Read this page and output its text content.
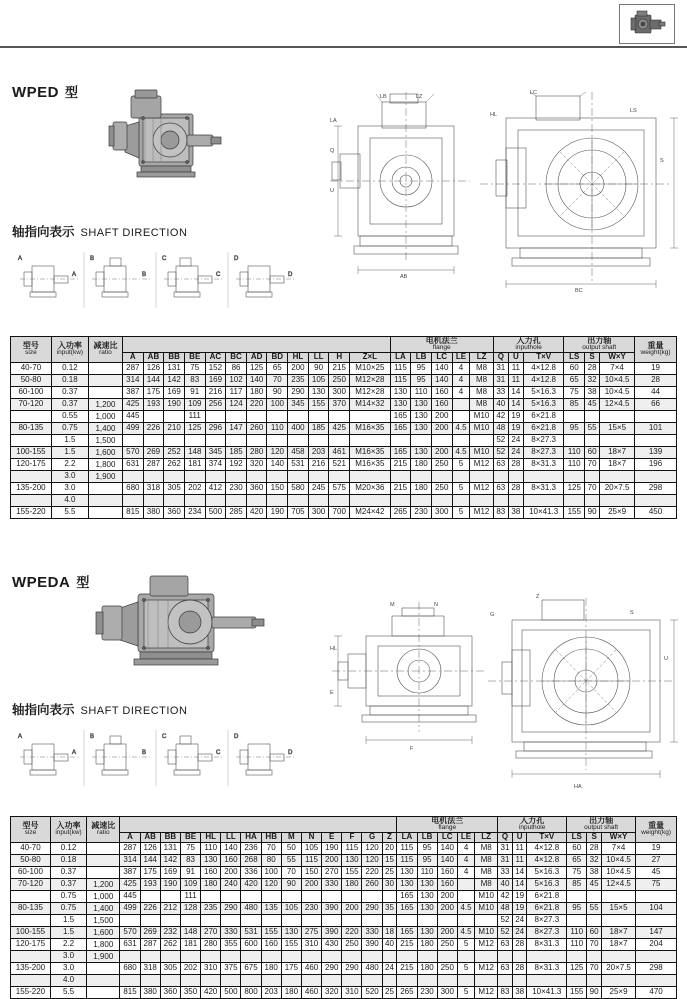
WPED 型	LB	LZ
Q
U
AB
LA
LC
LS
S
BC
HL
轴指向表示 SHAFT DIRECTION
A
A
B
B
C
C
D
D
型号
size	入功率
input(kw)	减速比
ratio													电机法兰
flange					入力孔
inputhole			出力轴
output shaft			重量
weight(kg)

			A	AB	BB	BE	AC	BC	AD	BD	HL	LL	H	Z×L	LA	LB	LC	LE	LZ	Q	U	T×V	LS	S	W×Y	
40-70	0.12		287	126	131	75	152	86	125	65	200	90	215	M10×25	115	95	140	4	M8	31	11	4×12.8	60	28	7×4	19
50-80	0.18		314	144	142	83	169	102	140	70	235	105	250	M12×28	115	95	140	4	M8	31	11	4×12.8	65	32	10×4.5	28
60-100	0.37		387	175	169	91	216	117	180	90	290	130	300	M12×28	130	110	160	4	M8	33	14	5×16.3	75	38	10×4.5	44
70-120	0.37	1,200	425	193	190	109	256	124	220	100	345	155	370	M14×32	130	130	160		M8	40	14	5×16.3	85	45	12×4.5	66
	0.55	1,000	445			111									165	130	200		M10	42	19	6×21.8				
80-135	0.75	1,400	499	226	210	125	296	147	260	110	400	185	425	M16×35	165	130	200	4.5	M10	48	19	6×21.8	95	55	15×5	101
	1.5	1,500																		52	24	8×27.3				
100-155	1.5	1,600	570	269	252	148	345	185	280	120	458	203	461	M16×35	165	130	200	4.5	M10	52	24	8×27.3	110	60	18×7	139
120-175	2.2	1,800	631	287	262	181	374	192	320	140	531	216	521	M16×35	215	180	250	5	M12	63	28	8×31.3	110	70	18×7	196
	3.0	1,900																								
135-200	3.0		680	318	305	202	412	230	360	150	580	245	575	M20×36	215	180	250	5	M12	63	28	8×31.3	125	70	20×7.5	298
	4.0																									
155-220	5.5		815	380	360	234	500	285	420	190	705	300	700	M24×42	265	230	300	5	M12	83	38	10×41.3	155	90	25×9	450
WPEDA 型
M	N
HL
E
F
G
Z
S
U
HA
轴指向表示 SHAFT DIRECTION
A
A
B
B
C
C
D
D
型号
size	入功率
input(kw)	减速比
ratio															电机法兰
flange					入力孔
inputhole			出力轴
output shaft			重量
weight(kg)

			A	AB	BB	BE	HL	LL	HA	HB	M	N	E	F	G	Z	LA	LB	LC	LE	LZ	Q	U	T×V	LS	S	W×Y	
40-70	0.12		287	126	131	75	110	140	236	70	50	105	190	115	120	20	115	95	140	4	M8	31	11	4×12.8	60	28	7×4	19
50-80	0.18		314	144	142	83	130	160	268	80	55	115	200	130	120	15	115	95	140	4	M8	31	11	4×12.8	65	32	10×4.5	27
60-100	0.37		387	175	169	91	160	200	336	100	70	150	270	155	220	25	130	110	160	4	M8	33	14	5×16.3	75	38	10×4.5	45
70-120	0.37	1,200	425	193	190	109	180	240	420	120	90	200	330	180	260	30	130	130	160		M8	40	14	5×16.3	85	45	12×4.5	75
	0.75	1,000	445			111											165	130	200		M10	42	19	6×21.8				
80-135	0.75	1,400	499	226	212	128	235	290	480	135	105	230	390	200	290	35	165	130	200	4.5	M10	48	19	6×21.8	95	55	15×5	104
	1.5	1,500																				52	24	8×27.3				
100-155	1.5	1,600	570	269	232	148	270	330	531	155	130	275	390	220	330	18	165	130	200	4.5	M10	52	24	8×27.3	110	60	18×7	147
120-175	2.2	1,800	631	287	262	181	280	355	600	160	155	310	430	250	390	40	215	180	250	5	M12	63	28	8×31.3	110	70	18×7	204
	3.0	1,900																										
135-200	3.0		680	318	305	202	310	375	675	180	175	460	290	290	480	24	215	180	250	5	M12	63	28	8×31.3	125	70	20×7.5	298
	4.0																											
155-220	5.5		815	380	360	350	420	500	800	203	180	460	320	310	520	25	265	230	300	5	M12	83	38	10×41.3	155	90	25×9	470
